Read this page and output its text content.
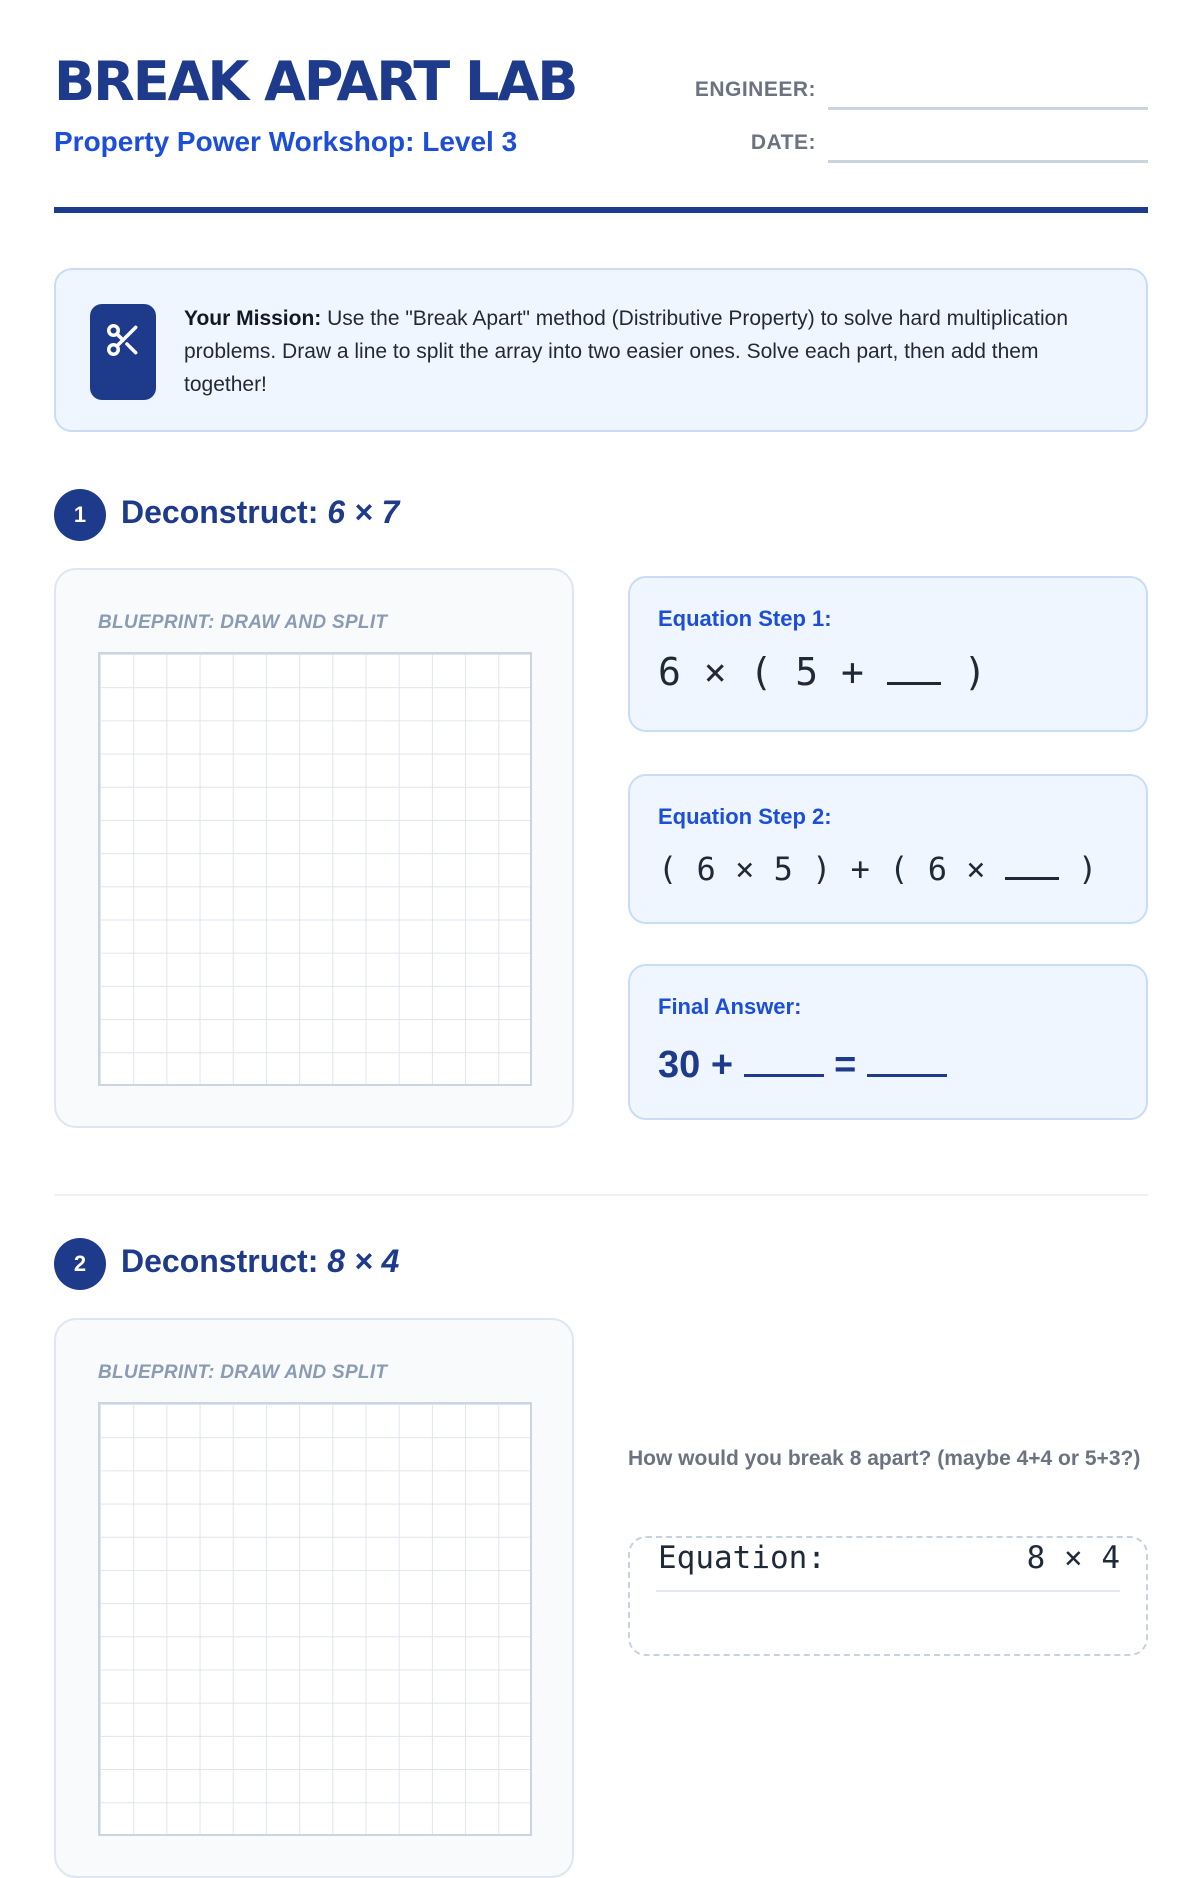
BREAK APART LAB
Property Power Workshop: Level 3
ENGINEER:
DATE:
Your Mission: Use the "Break Apart" method (Distributive Property) to solve hard multiplication problems. Draw a line to split the array into two easier ones. Solve each part, then add them together!
1	Deconstruct: 6 × 7
BLUEPRINT: DRAW AND SPLIT	Equation Step 1:
6 × ( 5 +  )
Equation Step 2:
( 6 × 5 ) + ( 6 ×  )
Final Answer:
30 +  =
2	Deconstruct: 8 × 4
BLUEPRINT: DRAW AND SPLIT
How would you break 8 apart? (maybe 4+4 or 5+3?)
Equation:	8 × 4
